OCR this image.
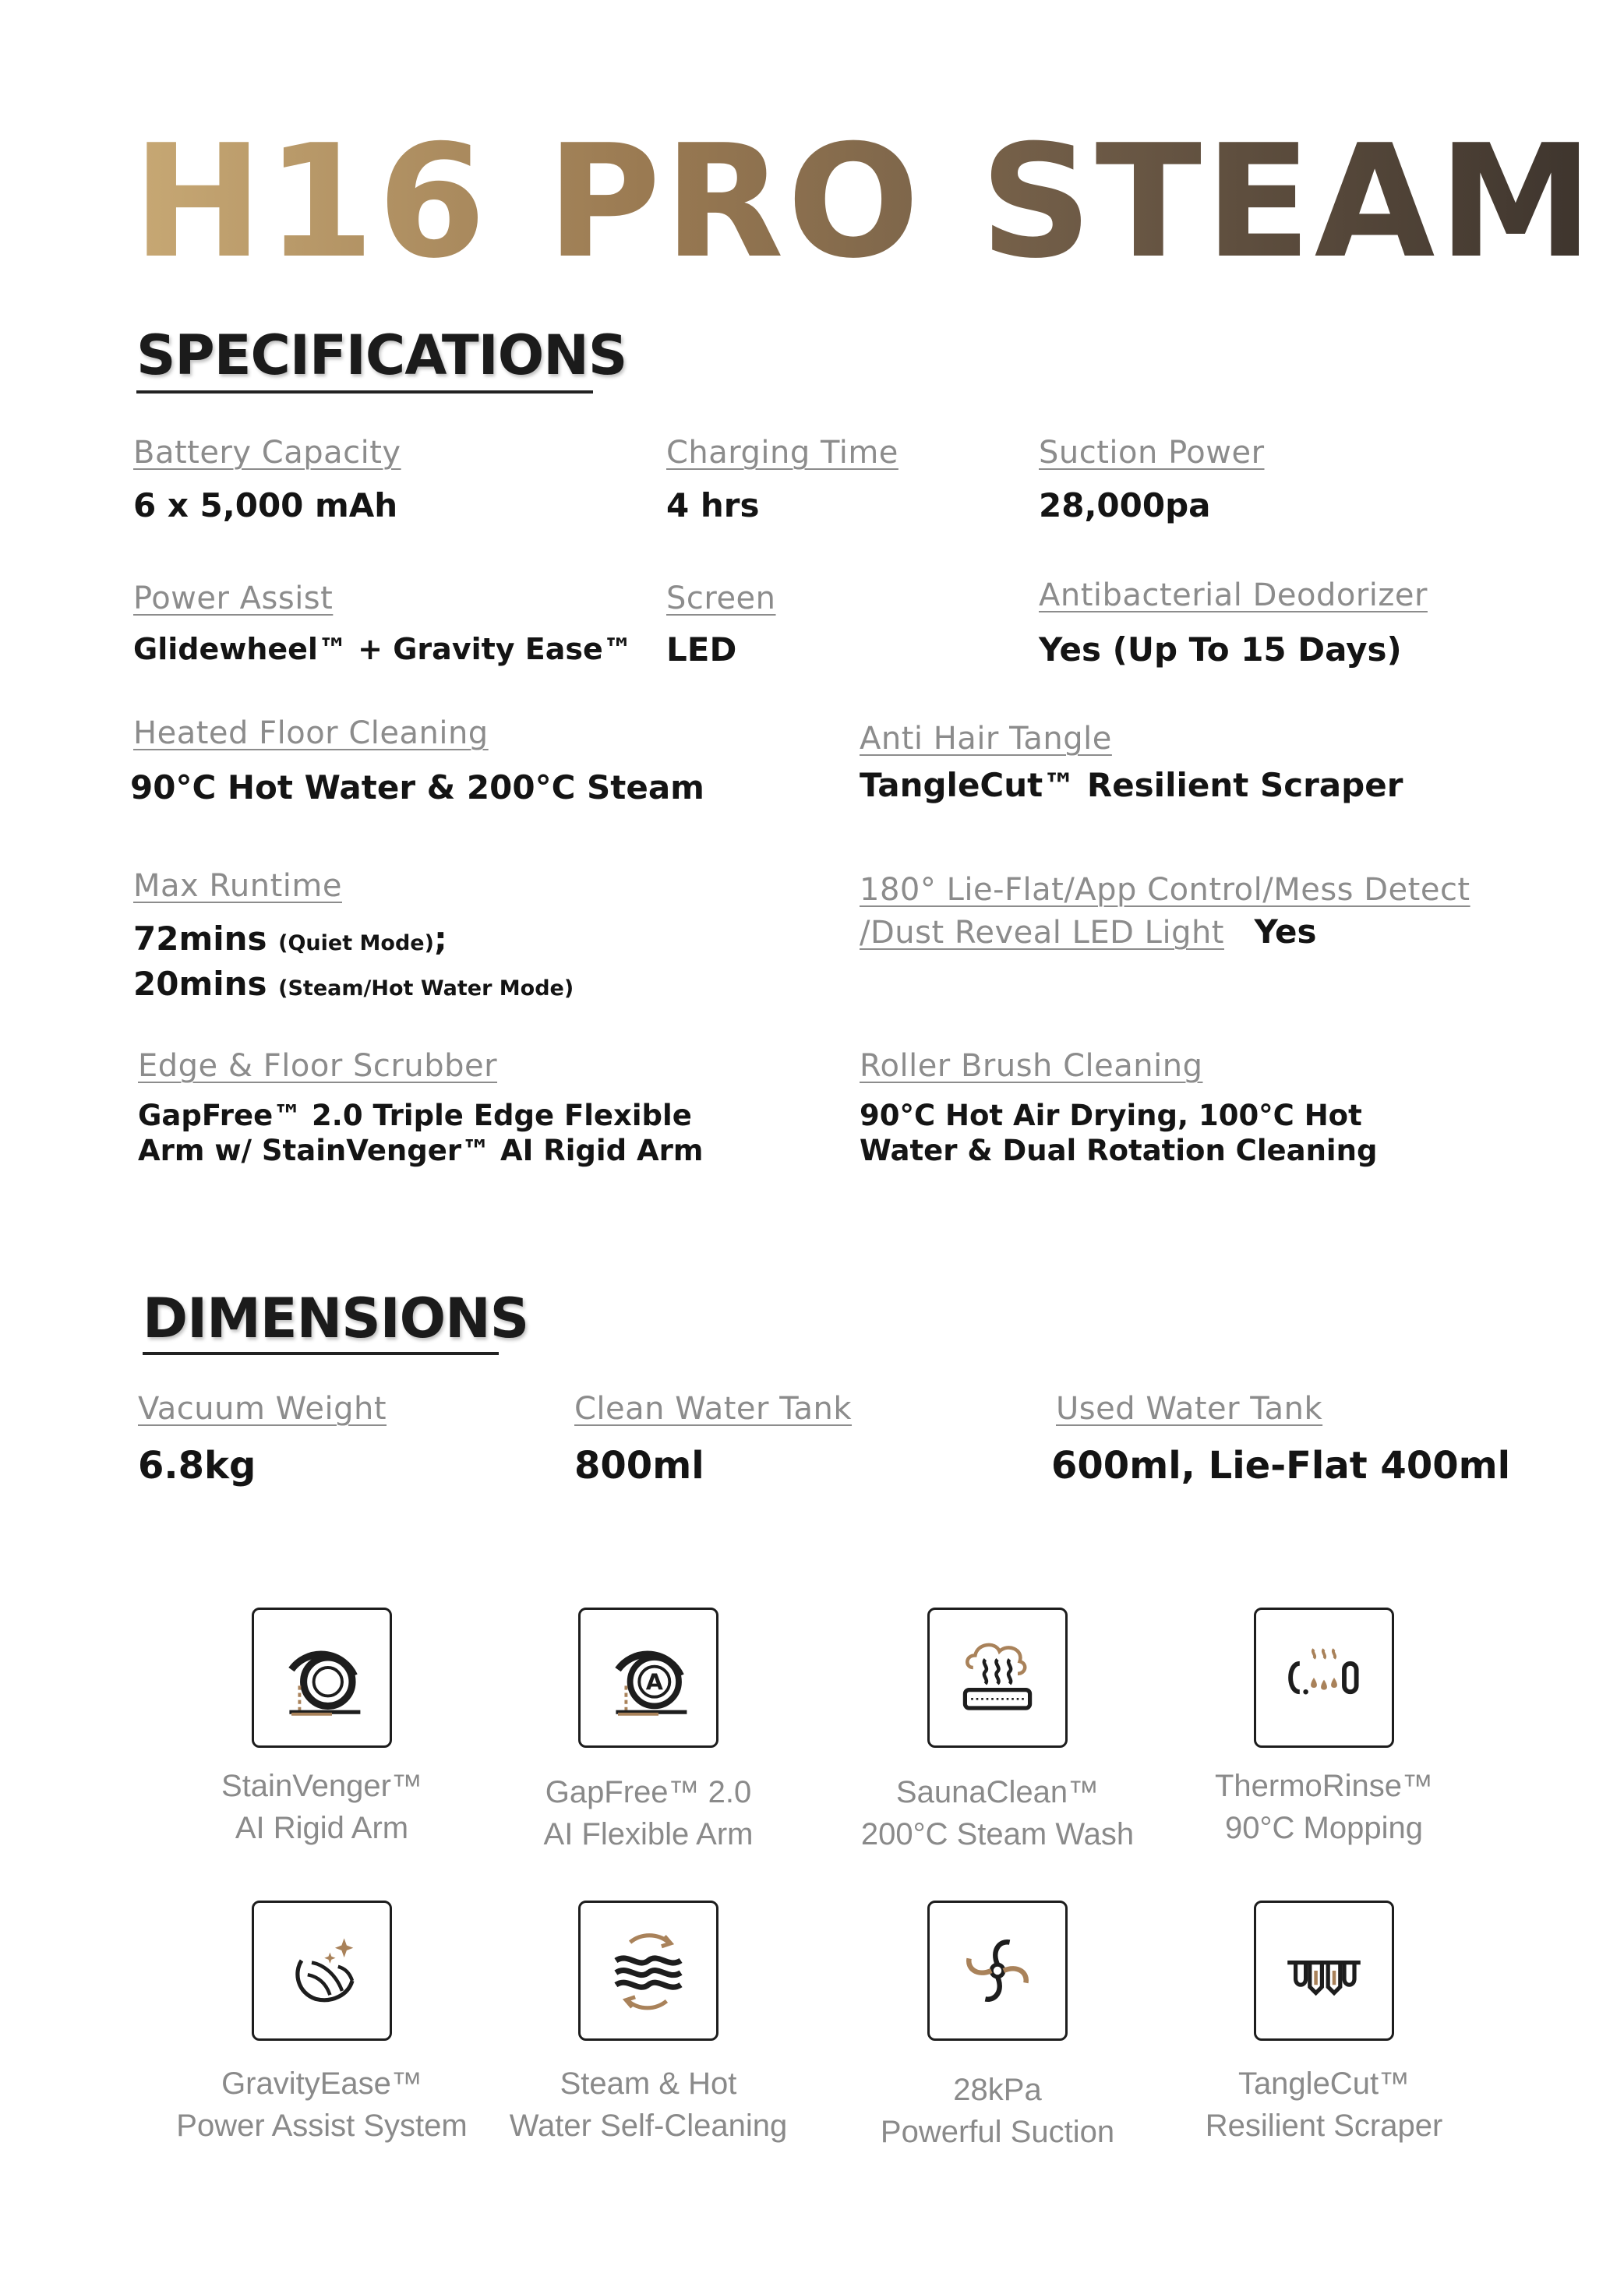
H16 PRO STEAM
SPECIFICATIONS
Battery Capacity
6 x 5,000 mAh
Charging Time
4 hrs
Suction Power
28,000pa
Power Assist
Glidewheel™ + Gravity Ease™
Screen
LED
Antibacterial Deodorizer
Yes (Up To 15 Days)
Heated Floor Cleaning
90°C Hot Water & 200°C Steam
Anti Hair Tangle
TangleCut™ Resilient Scraper
Max Runtime
72mins (Quiet Mode);
20mins (Steam/Hot Water Mode)
180° Lie-Flat/App Control/Mess Detect
/Dust Reveal LED Light Yes
Edge & Floor Scrubber
GapFree™ 2.0 Triple Edge Flexible
Arm w/ StainVenger™ AI Rigid Arm
Roller Brush Cleaning
90°C Hot Air Drying, 100°C Hot
Water & Dual Rotation Cleaning
DIMENSIONS
Vacuum Weight
6.8kg
Clean Water Tank
800ml
Used Water Tank
600ml, Lie-Flat 400ml
StainVenger™
AI Rigid Arm
A
GapFree™ 2.0
AI Flexible Arm
SaunaClean™
200°C Steam Wash
ThermoRinse™
90°C Mopping
GravityEase™
Power Assist System
Steam & Hot
Water Self-Cleaning
28kPa
Powerful Suction
TangleCut™
Resilient Scraper
